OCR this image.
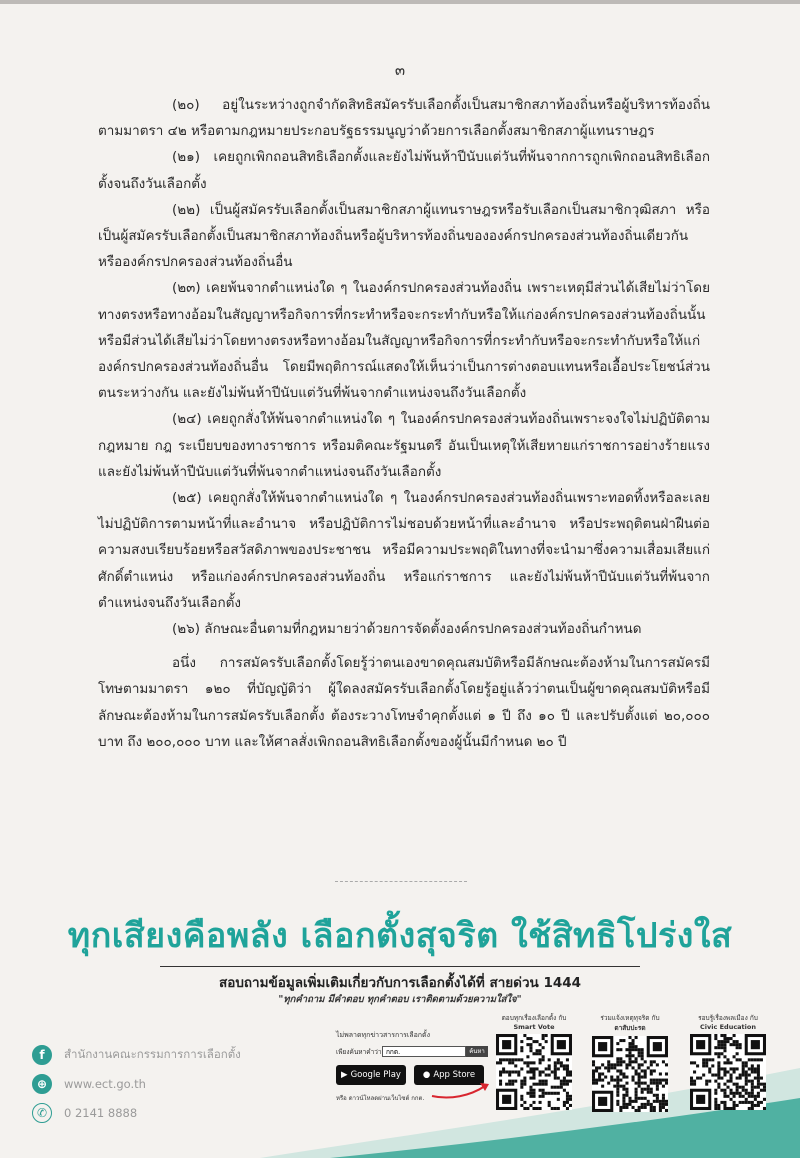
๓

(๒๐) อยู่ในระหว่างถูกจำกัดสิทธิสมัครรับเลือกตั้งเป็นสมาชิกสภาท้องถิ่นหรือผู้บริหารท้องถิ่นตามมาตรา ๔๒ หรือตามกฎหมายประกอบรัฐธรรมนูญว่าด้วยการเลือกตั้งสมาชิกสภาผู้แทนราษฎร

(๒๑) เคยถูกเพิกถอนสิทธิเลือกตั้งและยังไม่พ้นห้าปีนับแต่วันที่พ้นจากการถูกเพิกถอนสิทธิเลือกตั้งจนถึงวันเลือกตั้ง

(๒๒) เป็นผู้สมัครรับเลือกตั้งเป็นสมาชิกสภาผู้แทนราษฎรหรือรับเลือกเป็นสมาชิกวุฒิสภา หรือเป็นผู้สมัครรับเลือกตั้งเป็นสมาชิกสภาท้องถิ่นหรือผู้บริหารท้องถิ่นขององค์กรปกครองส่วนท้องถิ่นเดียวกันหรือองค์กรปกครองส่วนท้องถิ่นอื่น

(๒๓) เคยพ้นจากตำแหน่งใด ๆ ในองค์กรปกครองส่วนท้องถิ่น เพราะเหตุมีส่วนได้เสียไม่ว่าโดยทางตรงหรือทางอ้อมในสัญญาหรือกิจการที่กระทำหรือจะกระทำกับหรือให้แก่องค์กรปกครองส่วนท้องถิ่นนั้น หรือมีส่วนได้เสียไม่ว่าโดยทางตรงหรือทางอ้อมในสัญญาหรือกิจการที่กระทำกับหรือจะกระทำกับหรือให้แก่องค์กรปกครองส่วนท้องถิ่นอื่น โดยมีพฤติการณ์แสดงให้เห็นว่าเป็นการต่างตอบแทนหรือเอื้อประโยชน์ส่วนตนระหว่างกัน และยังไม่พ้นห้าปีนับแต่วันที่พ้นจากตำแหน่งจนถึงวันเลือกตั้ง

(๒๔) เคยถูกสั่งให้พ้นจากตำแหน่งใด ๆ ในองค์กรปกครองส่วนท้องถิ่นเพราะจงใจไม่ปฏิบัติตามกฎหมาย กฎ ระเบียบของทางราชการ หรือมติคณะรัฐมนตรี อันเป็นเหตุให้เสียหายแก่ราชการอย่างร้ายแรง และยังไม่พ้นห้าปีนับแต่วันที่พ้นจากตำแหน่งจนถึงวันเลือกตั้ง

(๒๕) เคยถูกสั่งให้พ้นจากตำแหน่งใด ๆ ในองค์กรปกครองส่วนท้องถิ่นเพราะทอดทิ้งหรือละเลยไม่ปฏิบัติการตามหน้าที่และอำนาจ หรือปฏิบัติการไม่ชอบด้วยหน้าที่และอำนาจ หรือประพฤติตนฝ่าฝืนต่อความสงบเรียบร้อยหรือสวัสดิภาพของประชาชน หรือมีความประพฤติในทางที่จะนำมาซึ่งความเสื่อมเสียแก่ศักดิ์ตำแหน่ง หรือแก่องค์กรปกครองส่วนท้องถิ่น หรือแก่ราชการ และยังไม่พ้นห้าปีนับแต่วันที่พ้นจากตำแหน่งจนถึงวันเลือกตั้ง

(๒๖) ลักษณะอื่นตามที่กฎหมายว่าด้วยการจัดตั้งองค์กรปกครองส่วนท้องถิ่นกำหนด

อนึ่ง การสมัครรับเลือกตั้งโดยรู้ว่าตนเองขาดคุณสมบัติหรือมีลักษณะต้องห้ามในการสมัครมีโทษตามมาตรา ๑๒๐ ที่บัญญัติว่า ผู้ใดลงสมัครรับเลือกตั้งโดยรู้อยู่แล้วว่าตนเป็นผู้ขาดคุณสมบัติหรือมีลักษณะต้องห้ามในการสมัครรับเลือกตั้ง ต้องระวางโทษจำคุกตั้งแต่ ๑ ปี ถึง ๑๐ ปี และปรับตั้งแต่ ๒๐,๐๐๐ บาท ถึง ๒๐๐,๐๐๐ บาท และให้ศาลสั่งเพิกถอนสิทธิเลือกตั้งของผู้นั้นมีกำหนด ๒๐ ปี

ทุกเสียงคือพลัง เลือกตั้งสุจริต ใช้สิทธิโปร่งใส
สอบถามข้อมูลเพิ่มเติมเกี่ยวกับการเลือกตั้งได้ที่ สายด่วน 1444
"ทุกคำถาม มีคำตอบ ทุกคำตอบ เราติดตามด้วยความใส่ใจ"
f	สำนักงานคณะกรรมการการเลือกตั้ง
⊕	www.ect.go.th
✆	0 2141 8888
ไม่พลาดทุกข่าวสารการเลือกตั้ง
เพียงค้นหาคำว่า กกต.	ค้นหา
▶ Google Play	● App Store
หรือ ดาวน์โหลดผ่านเว็บไซต์ กกต.
ตอบทุกเรื่องเลือกตั้ง กับ
Smart Vote
ร่วมแจ้งเหตุทุจริต กับ
ตาสับปะรด
รอบรู้เรื่องพลเมือง กับ
Civic Education
